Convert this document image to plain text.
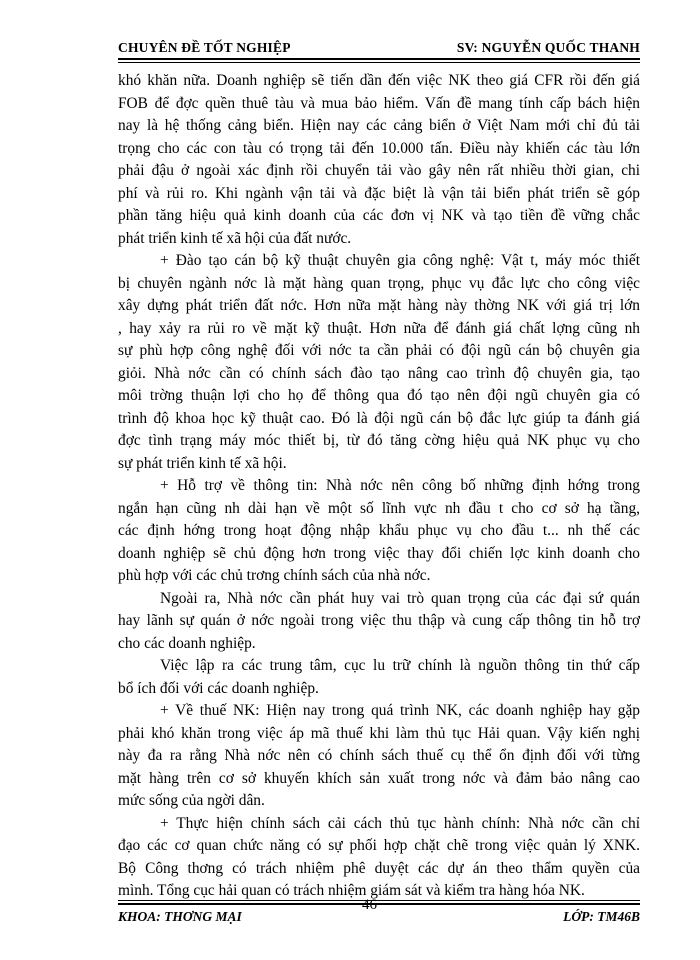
CHUYÊN ĐỀ TỐT NGHIỆP	SV: NGUYỄN QUỐC THANH
khó khăn nữa. Doanh nghiệp sẽ tiến dần đến việc NK theo giá CFR rồi đến giá
FOB để đợc quền thuê tàu và mua bảo hiểm. Vấn đề mang tính cấp bách hiện
nay là hệ thống cảng biển. Hiện nay các cảng biển ở Việt Nam mới chỉ đủ tải
trọng cho các con tàu có trọng tải đến 10.000 tấn. Điều này khiến các tàu lớn
phải đậu ở ngoài xác định rồi chuyển tải vào gây nên rất nhiều thời gian, chi
phí và rủi ro. Khi ngành vận tải và đặc biệt là vận tải biển phát triển sẽ góp
phần tăng hiệu quả kinh doanh của các đơn vị NK và tạo tiền đề vững chắc
phát triển kinh tế xã hội của đất nước.
+ Đào tạo cán bộ kỹ thuật chuyên gia công nghệ: Vật t, máy móc thiết
bị chuyên ngành nớc là mặt hàng quan trọng, phục vụ đắc lực cho công việc
xây dựng phát triển đất nớc. Hơn nữa mặt hàng này thờng NK với giá trị lớn
, hay xảy ra rủi ro về mặt kỹ thuật. Hơn nữa để đánh giá chất lợng cũng nh
sự phù hợp công nghệ đối với nớc ta cần phải có đội ngũ cán bộ chuyên gia
giỏi. Nhà nớc cần có chính sách đào tạo nâng cao trình độ chuyên gia, tạo
môi trờng thuận lợi cho họ để thông qua đó tạo nên đội ngũ chuyên gia có
trình độ khoa học kỹ thuật cao. Đó là đội ngũ cán bộ đắc lực giúp ta đánh giá
đợc tình trạng máy móc thiết bị, từ đó tăng cờng hiệu quả NK phục vụ cho
sự phát triển kinh tế xã hội.
+ Hỗ trợ về thông tin: Nhà nớc nên công bố những định hớng trong
ngắn hạn cũng nh dài hạn về một số lĩnh vực nh đầu t cho cơ sở hạ tầng,
các định hớng trong hoạt động nhập khẩu phục vụ cho đầu t... nh thế các
doanh nghiệp sẽ chủ động hơn trong việc thay đổi chiến lợc kinh doanh cho
phù hợp với các chủ trơng chính sách của nhà nớc.
Ngoài ra, Nhà nớc cần phát huy vai trò quan trọng của các đại sứ quán
hay lãnh sự quán ở nớc ngoài trong việc thu thập và cung cấp thông tin hỗ trợ
cho các doanh nghiệp.
Việc lập ra các trung tâm, cục lu trữ chính là nguồn thông tin thứ cấp
bổ ích đối với các doanh nghiệp.
+ Về thuế NK: Hiện nay trong quá trình NK, các doanh nghiệp hay gặp
phải khó khăn trong việc áp mã thuế khi làm thủ tục Hải quan. Vậy kiến nghị
này đa ra rằng Nhà nớc nên có chính sách thuế cụ thể ổn định đối với từng
mặt hàng trên cơ sở khuyến khích sản xuất trong nớc và đảm bảo nâng cao
mức sống của ngời dân.
+ Thực hiện chính sách cải cách thủ tục hành chính: Nhà nớc cần chỉ
đạo các cơ quan chức năng có sự phối hợp chặt chẽ trong việc quản lý XNK.
Bộ Công thơng có trách nhiệm phê duyệt các dự án theo thẩm quyền của
mình. Tổng cục hải quan có trách nhiệm giám sát và kiểm tra hàng hóa NK.
KHOA: THƠNG MẠI
46
LỚP: TM46B
